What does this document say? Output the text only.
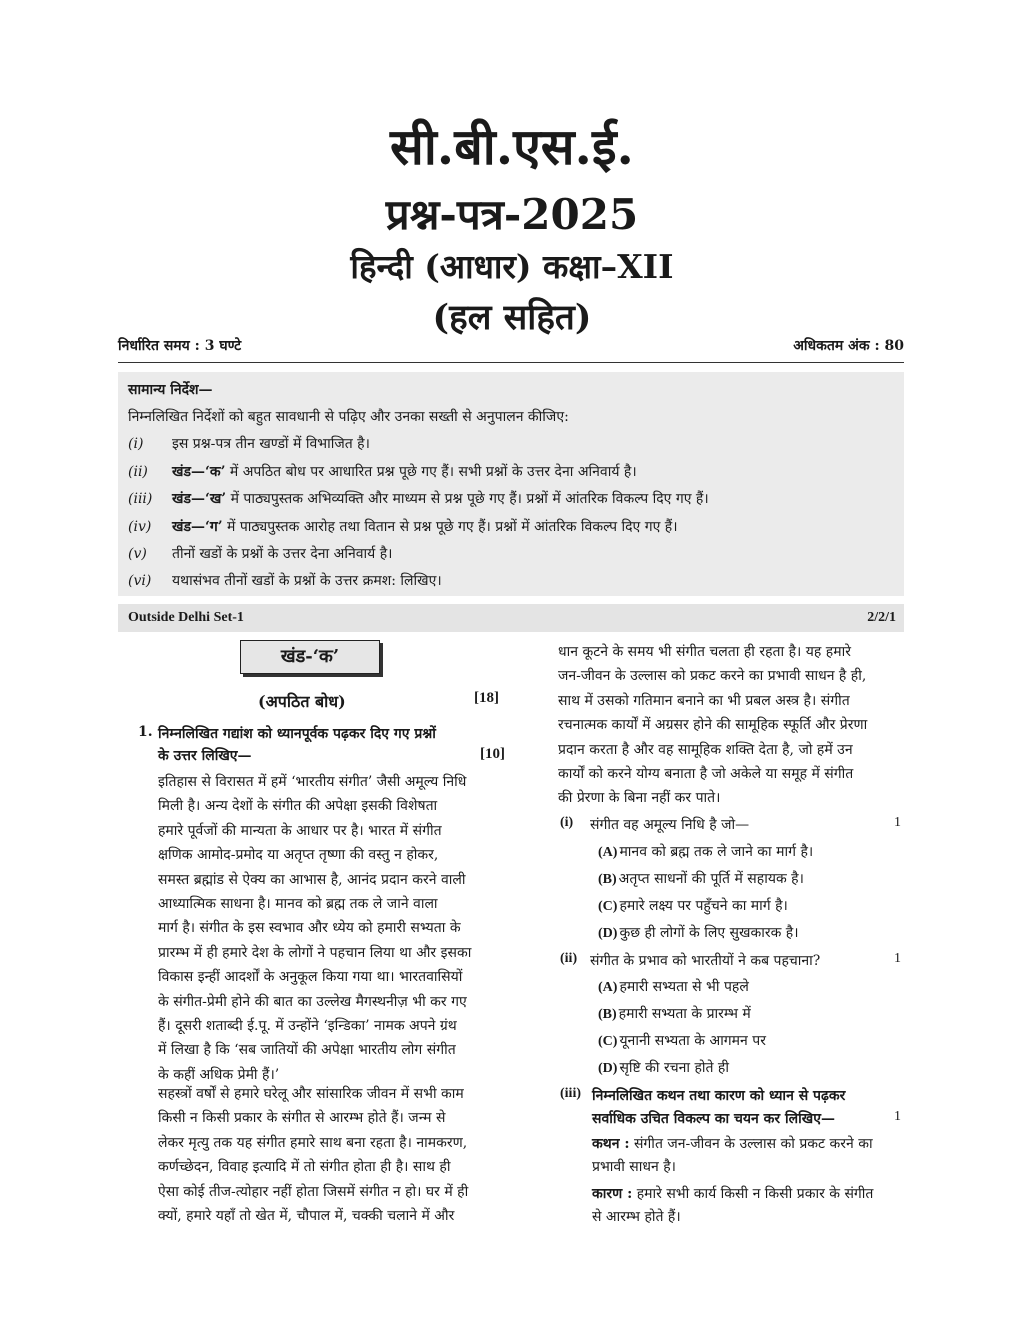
सी.बी.एस.ई.
प्रश्न-पत्र-2025
हिन्दी (आधार) कक्षा–XII
(हल सहित)
निर्धारित समय : 3 घण्टे	अधिकतम अंक : 80
सामान्य निर्देश—
निम्नलिखित निर्देशों को बहुत सावधानी से पढ़िए और उनका सख्ती से अनुपालन कीजिए:
(i) इस प्रश्न-पत्र तीन खण्डों में विभाजित है।
(ii) खंड—‘क’ में अपठित बोध पर आधारित प्रश्न पूछे गए हैं। सभी प्रश्नों के उत्तर देना अनिवार्य है।
(iii) खंड—‘ख’ में पाठ्यपुस्तक अभिव्यक्ति और माध्यम से प्रश्न पूछे गए हैं। प्रश्नों में आंतरिक विकल्प दिए गए हैं।
(iv) खंड—‘ग’ में पाठ्यपुस्तक आरोह तथा वितान से प्रश्न पूछे गए हैं। प्रश्नों में आंतरिक विकल्प दिए गए हैं।
(v) तीनों खडों के प्रश्नों के उत्तर देना अनिवार्य है।
(vi) यथासंभव तीनों खडों के प्रश्नों के उत्तर क्रमश: लिखिए।
Outside Delhi Set-1	2/2/1
खंड-‘क’
(अपठित बोध)	[18]
1. निम्नलिखित गद्यांश को ध्यानपूर्वक पढ़कर दिए गए प्रश्नों
के उत्तर लिखिए—	[10]
इतिहास से विरासत में हमें ‘भारतीय संगीत’ जैसी अमूल्य निधि
मिली है। अन्य देशों के संगीत की अपेक्षा इसकी विशेषता
हमारे पूर्वजों की मान्यता के आधार पर है। भारत में संगीत
क्षणिक आमोद-प्रमोद या अतृप्त तृष्णा की वस्तु न होकर,
समस्त ब्रह्मांड से ऐक्य का आभास है, आनंद प्रदान करने वाली
आध्यात्मिक साधना है। मानव को ब्रह्म तक ले जाने वाला
मार्ग है। संगीत के इस स्वभाव और ध्येय को हमारी सभ्यता के
प्रारम्भ में ही हमारे देश के लोगों ने पहचान लिया था और इसका
विकास इन्हीं आदर्शों के अनुकूल किया गया था। भारतवासियों
के संगीत-प्रेमी होने की बात का उल्लेख मैगस्थनीज़ भी कर गए
हैं। दूसरी शताब्दी ई.पू. में उन्होंने ‘इन्डिका’ नामक अपने ग्रंथ
में लिखा है कि ‘सब जातियों की अपेक्षा भारतीय लोग संगीत
के कहीं अधिक प्रेमी हैं।’
सहस्त्रों वर्षों से हमारे घरेलू और सांसारिक जीवन में सभी काम
किसी न किसी प्रकार के संगीत से आरम्भ होते हैं। जन्म से
लेकर मृत्यु तक यह संगीत हमारे साथ बना रहता है। नामकरण,
कर्णच्छेदन, विवाह इत्यादि में तो संगीत होता ही है। साथ ही
ऐसा कोई तीज-त्योहार नहीं होता जिसमें संगीत न हो। घर में ही
क्यों, हमारे यहाँ तो खेत में, चौपाल में, चक्की चलाने में और
धान कूटने के समय भी संगीत चलता ही रहता है। यह हमारे
जन-जीवन के उल्लास को प्रकट करने का प्रभावी साधन है ही,
साथ में उसको गतिमान बनाने का भी प्रबल अस्त्र है। संगीत
रचनात्मक कार्यों में अग्रसर होने की सामूहिक स्फूर्ति और प्रेरणा
प्रदान करता है और वह सामूहिक शक्ति देता है, जो हमें उन
कार्यों को करने योग्य बनाता है जो अकेले या समूह में संगीत
की प्रेरणा के बिना नहीं कर पाते।
(i) संगीत वह अमूल्य निधि है जो—	1
(A) मानव को ब्रह्म तक ले जाने का मार्ग है।
(B) अतृप्त साधनों की पूर्ति में सहायक है।
(C) हमारे लक्ष्य पर पहुँचने का मार्ग है।
(D) कुछ ही लोगों के लिए सुखकारक है।
(ii) संगीत के प्रभाव को भारतीयों ने कब पहचाना?	1
(A) हमारी सभ्यता से भी पहले
(B) हमारी सभ्यता के प्रारम्भ में
(C) यूनानी सभ्यता के आगमन पर
(D) सृष्टि की रचना होते ही
(iii) निम्नलिखित कथन तथा कारण को ध्यान से पढ़कर
सर्वाधिक उचित विकल्प का चयन कर लिखिए—	1
कथन : संगीत जन-जीवन के उल्लास को प्रकट करने का
प्रभावी साधन है।
कारण : हमारे सभी कार्य किसी न किसी प्रकार के संगीत
से आरम्भ होते हैं।
